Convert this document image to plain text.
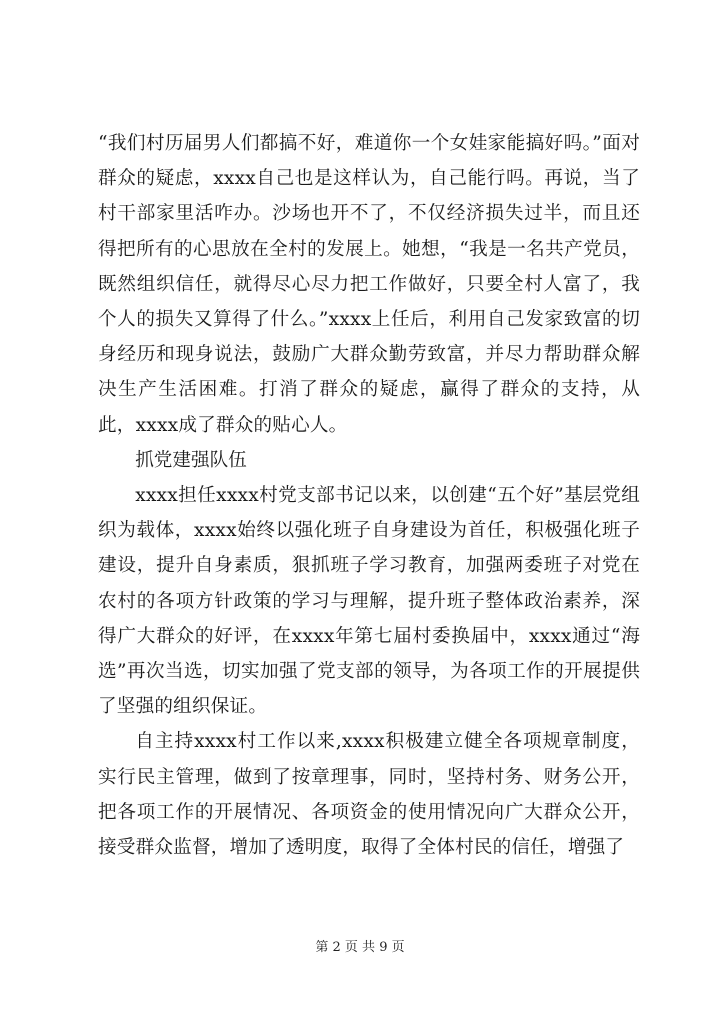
“我们村历届男人们都搞不好，难道你一个女娃家能搞好吗。”面对群众的疑虑，xxxx自己也是这样认为，自己能行吗。再说，当了村干部家里活咋办。沙场也开不了，不仅经济损失过半，而且还得把所有的心思放在全村的发展上。她想，“我是一名共产党员，既然组织信任，就得尽心尽力把工作做好，只要全村人富了，我个人的损失又算得了什么。”xxxx上任后，利用自己发家致富的切身经历和现身说法，鼓励广大群众勤劳致富，并尽力帮助群众解决生产生活困难。打消了群众的疑虑，赢得了群众的支持，从此，xxxx成了群众的贴心人。

抓党建强队伍

xxxx担任xxxx村党支部书记以来，以创建“五个好”基层党组织为载体，xxxx始终以强化班子自身建设为首任，积极强化班子建设，提升自身素质，狠抓班子学习教育，加强两委班子对党在农村的各项方针政策的学习与理解，提升班子整体政治素养，深得广大群众的好评，在xxxx年第七届村委换届中，xxxx通过“海选”再次当选，切实加强了党支部的领导，为各项工作的开展提供了坚强的组织保证。

自主持xxxx村工作以来,xxxx积极建立健全各项规章制度，实行民主管理，做到了按章理事，同时，坚持村务、财务公开，把各项工作的开展情况、各项资金的使用情况向广大群众公开，接受群众监督，增加了透明度，取得了全体村民的信任，增强了

第 2 页 共 9 页
